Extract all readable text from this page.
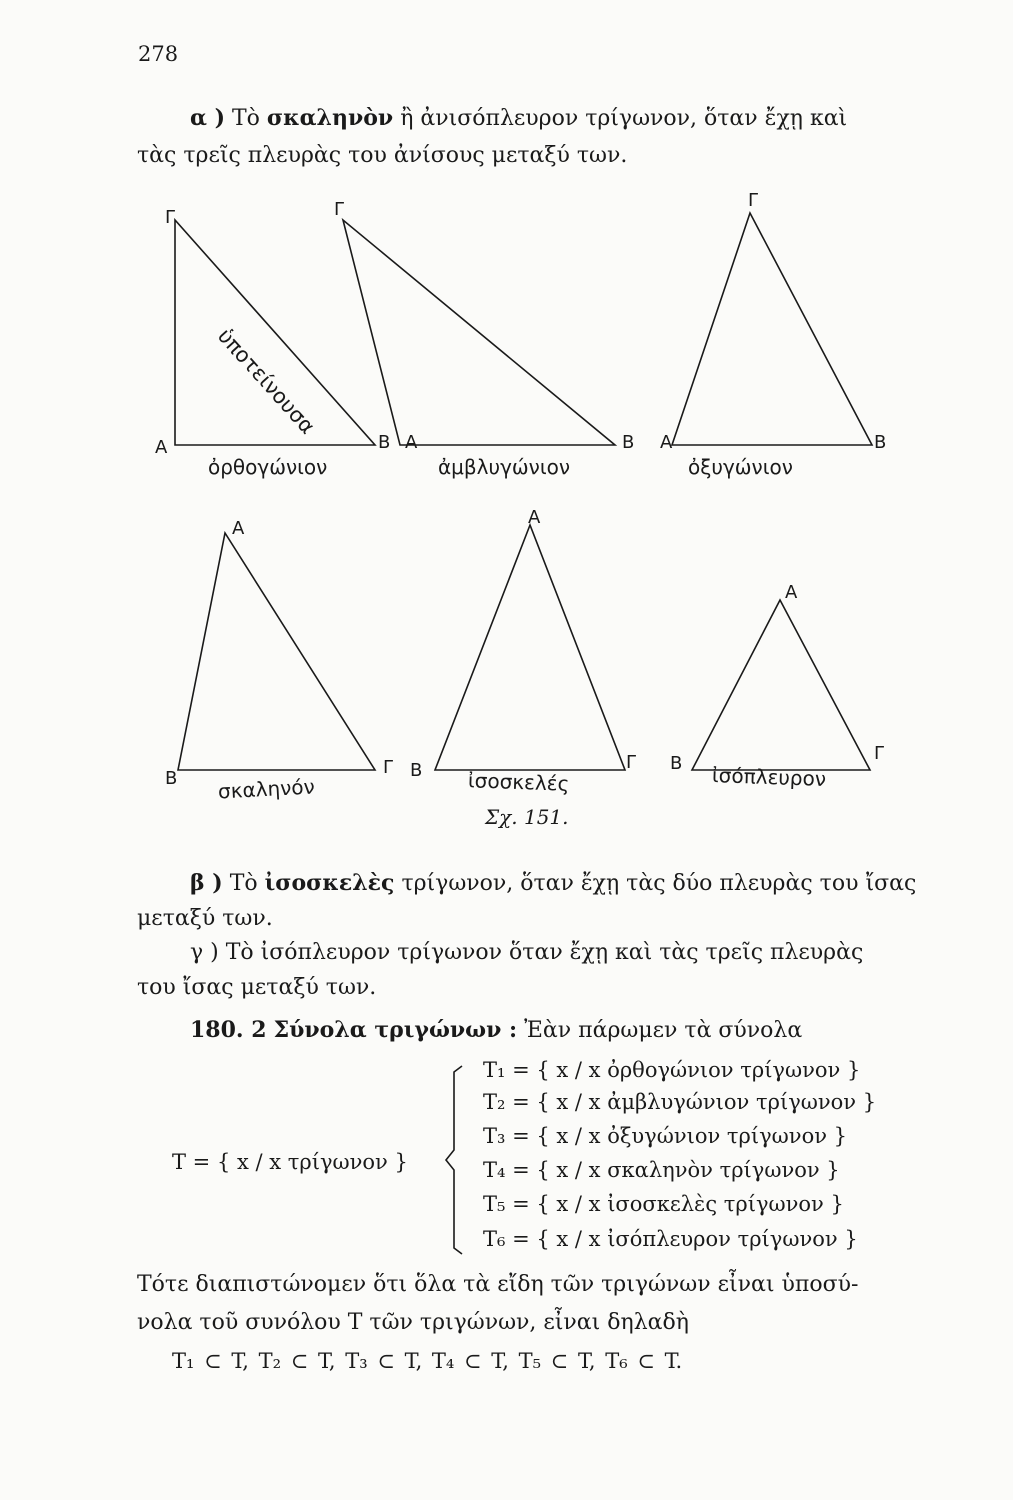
278
α ) Τὸ σκαληνὸν ἢ ἀνισόπλευρον τρίγωνον, ὅταν ἔχῃ καὶ
τὰς τρεῖς πλευρὰς του ἀνίσους μεταξύ των.
Γ
Α	Β
Γ
Α	Β
Γ
Α	Β
ὑποτείνουσα
ὀρθογώνιον	ἀμβλυγώνιον	ὀξυγώνιον
Α
Β
Γ
Α
Β	Γ
Α
Β	Γ
σκαληνόν	ἰσοσκελές	ἰσόπλευρον
Σχ. 151.
β ) Τὸ ἰσοσκελὲς τρίγωνον, ὅταν ἔχῃ τὰς δύο πλευρὰς του ἴσας
μεταξύ των.
γ ) Τὸ ἰσόπλευρον τρίγωνον ὅταν ἔχῃ καὶ τὰς τρεῖς πλευρὰς
του ἴσας μεταξύ των.
180. 2 Σύνολα τριγώνων : Ἐὰν πάρωμεν τὰ σύνολα
T = { x / x τρίγωνον }
T₁ = { x / x ὀρθογώνιον τρίγωνον }
T₂ = { x / x ἀμβλυγώνιον τρίγωνον }
T₃ = { x / x ὀξυγώνιον τρίγωνον }
T₄ = { x / x σκαληνὸν τρίγωνον }
T₅ = { x / x ἰσοσκελὲς τρίγωνον }
T₆ = { x / x ἰσόπλευρον τρίγωνον }
Τότε διαπιστώνομεν ὅτι ὅλα τὰ εἴδη τῶν τριγώνων εἶναι ὑποσύ-
νολα τοῦ συνόλου T τῶν τριγώνων, εἶναι δηλαδὴ
T₁ ⊂ T, T₂ ⊂ T, T₃ ⊂ T, T₄ ⊂ T, T₅ ⊂ T, T₆ ⊂ T.
